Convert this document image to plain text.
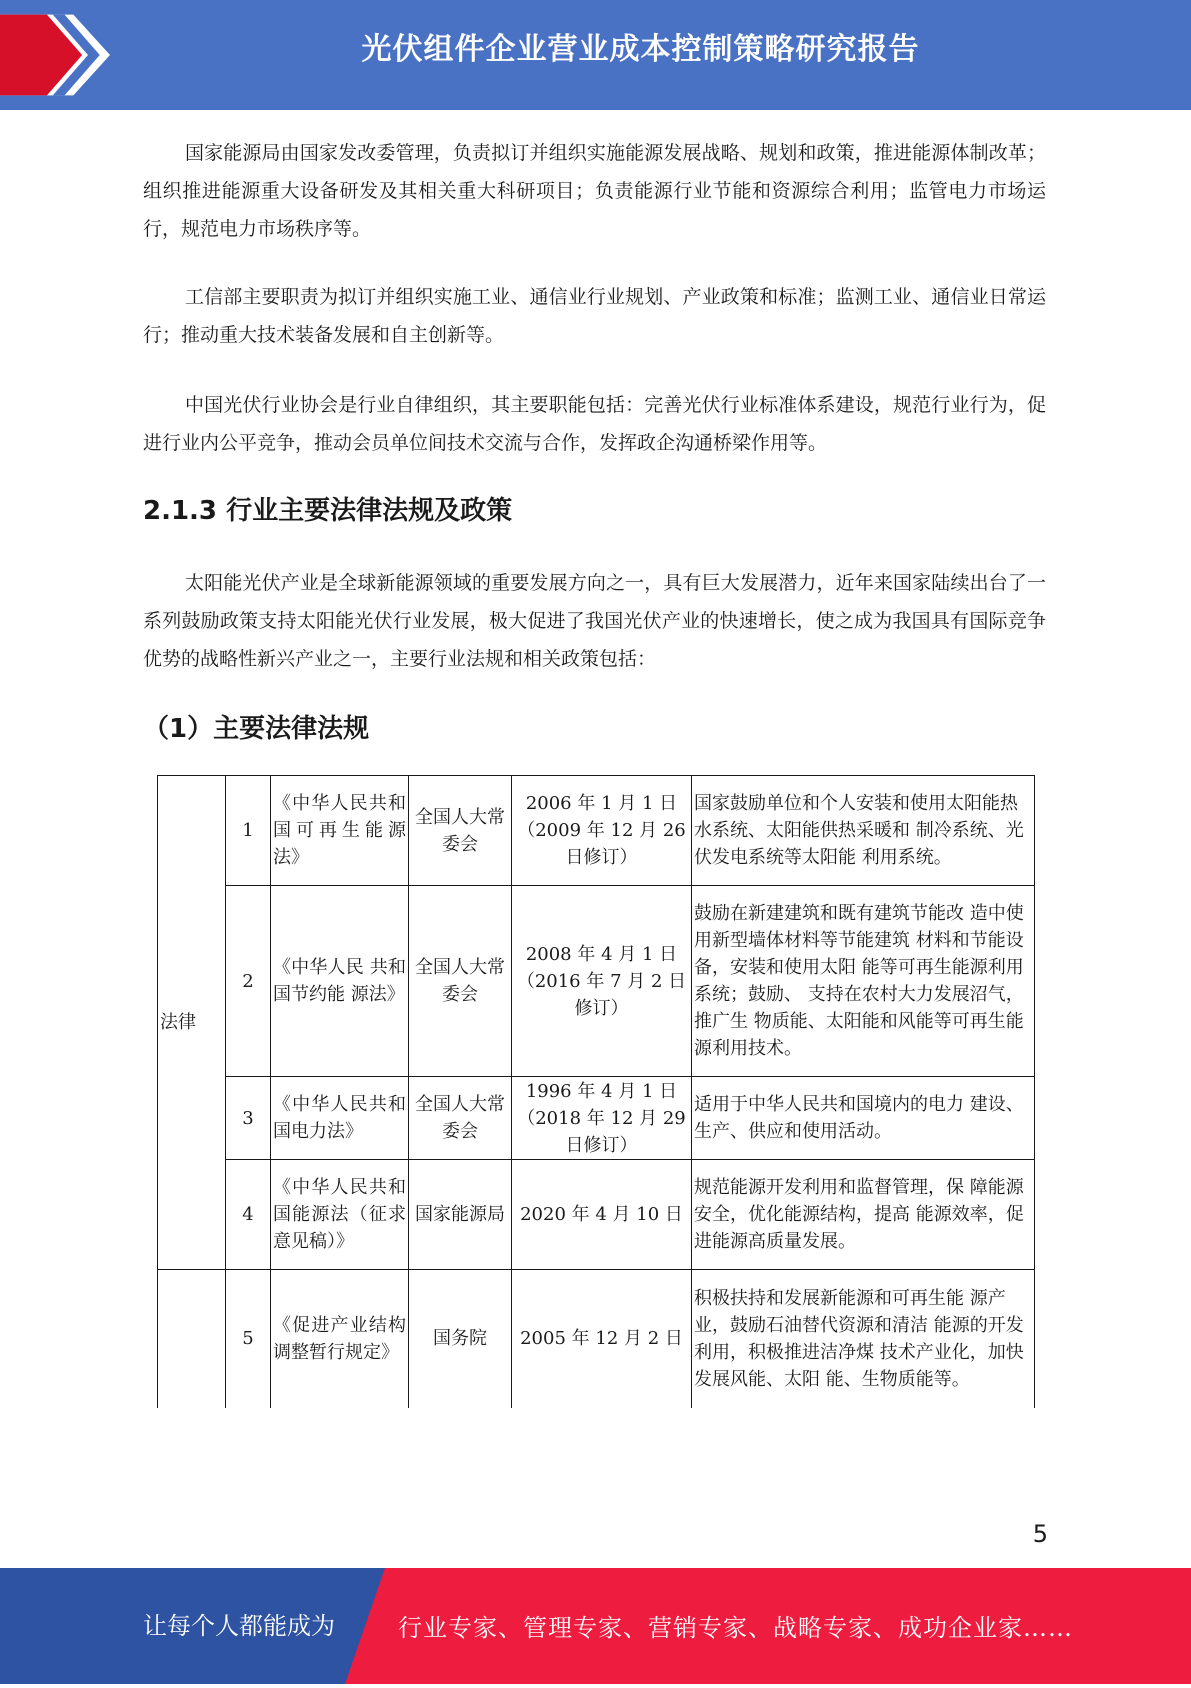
光伏组件企业营业成本控制策略研究报告

国家能源局由国家发改委管理，负责拟订并组织实施能源发展战略、规划和政策，推进能源体制改革；组织推进能源重大设备研发及其相关重大科研项目；负责能源行业节能和资源综合利用；监管电力市场运行，规范电力市场秩序等。

工信部主要职责为拟订并组织实施工业、通信业行业规划、产业政策和标准；监测工业、通信业日常运行；推动重大技术装备发展和自主创新等。

中国光伏行业协会是行业自律组织，其主要职能包括：完善光伏行业标准体系建设，规范行业行为，促进行业内公平竞争，推动会员单位间技术交流与合作，发挥政企沟通桥梁作用等。

2.1.3 行业主要法律法规及政策

太阳能光伏产业是全球新能源领域的重要发展方向之一，具有巨大发展潜力，近年来国家陆续出台了一系列鼓励政策支持太阳能光伏行业发展，极大促进了我国光伏产业的快速增长，使之成为我国具有国际竞争优势的战略性新兴产业之一，主要行业法规和相关政策包括：

（1）主要法律法规
法律	1	《中华人民共和国可再生能源法》	全国人大常委会	2006 年 1 月 1 日（2009 年 12 月 26 日修订）	国家鼓励单位和个人安装和使用太阳能热水系统、太阳能供热采暖和 制冷系统、光伏发电系统等太阳能 利用系统。
	2	《中华人民 共和国节约能 源法》	全国人大常委会	2008 年 4 月 1 日（2016 年 7 月 2 日修订）	鼓励在新建建筑和既有建筑节能改 造中使用新型墙体材料等节能建筑 材料和节能设备，安装和使用太阳 能等可再生能源利用系统；鼓励、 支持在农村大力发展沼气，推广生 物质能、太阳能和风能等可再生能 源利用技术。
	3	《中华人民共和国电力法》	全国人大常委会	1996 年 4 月 1 日（2018 年 12 月 29 日修订）	适用于中华人民共和国境内的电力 建设、生产、供应和使用活动。
	4	《中华人民共和国能源法（征求意见稿）》	国家能源局	2020 年 4 月 10 日	规范能源开发利用和监督管理，保 障能源安全，优化能源结构，提高 能源效率，促进能源高质量发展。
	5	《促进产业结构调整暂行规定》	国务院	2005 年 12 月 2 日	积极扶持和发展新能源和可再生能 源产业，鼓励石油替代资源和清洁 能源的开发利用，积极推进洁净煤 技术产业化，加快发展风能、太阳 能、生物质能等。
5
让每个人都能成为	行业专家、管理专家、营销专家、战略专家、成功企业家……
